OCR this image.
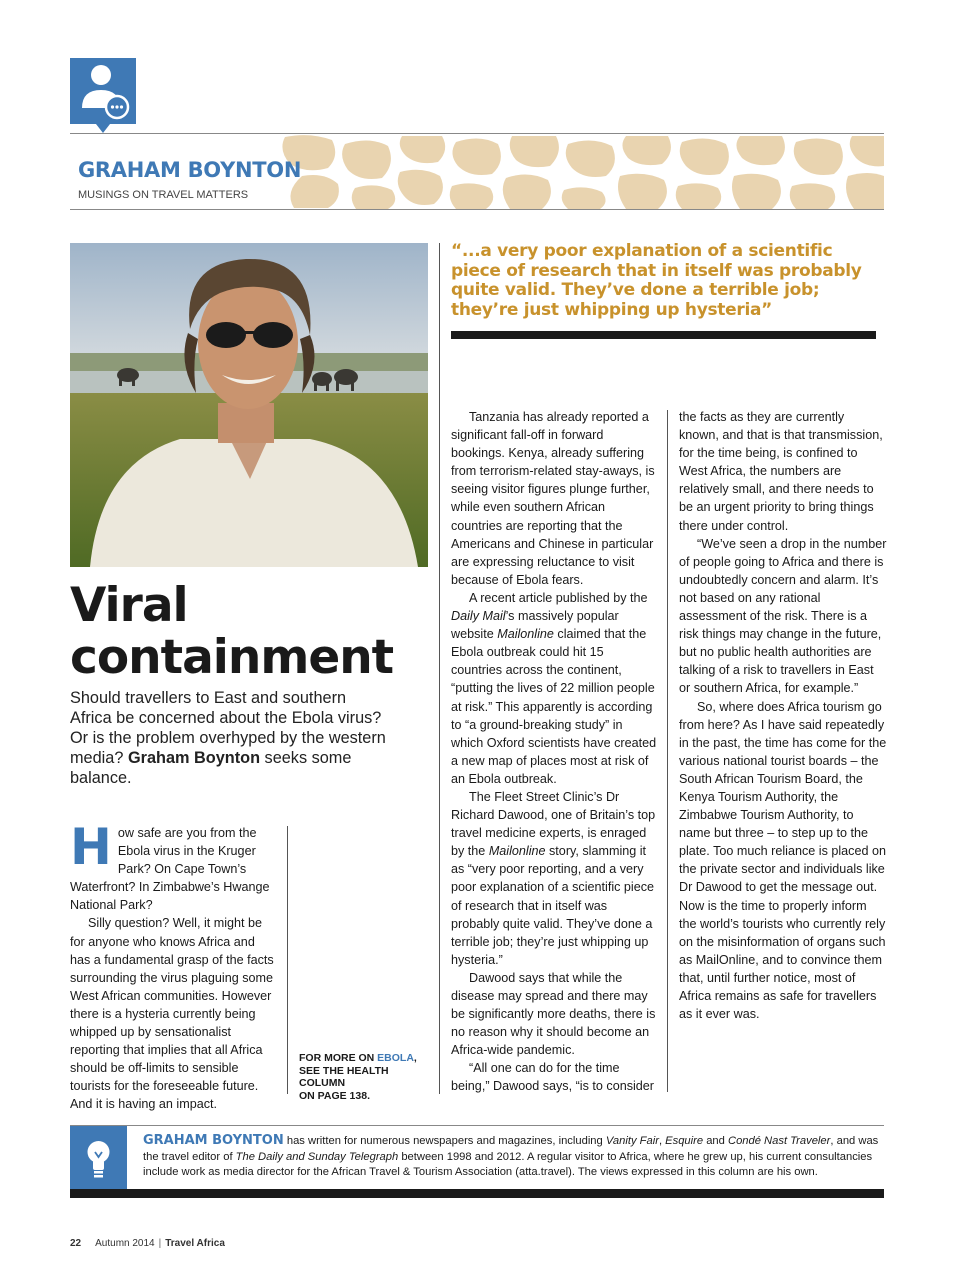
GRAHAM BOYNTON
MUSINGS ON TRAVEL MATTERS
Viral containment
Should travellers to East and southern Africa be concerned about the Ebola virus? Or is the problem overhyped by the western media? Graham Boynton seeks some balance.
“...a very poor explanation of a scientific piece of research that in itself was probably quite valid. They’ve done a terrible job; they’re just whipping up hysteria”
H ow safe are you from the Ebola virus in the Kruger Park? On Cape Town’s Waterfront? In Zimbabwe’s Hwange National Park?

Silly question? Well, it might be for anyone who knows Africa and has a fundamental grasp of the facts surrounding the virus plaguing some West African communities. However there is a hysteria currently being whipped up by sensationalist reporting that implies that all Africa should be off-limits to sensible tourists for the foreseeable future. And it is having an impact.

FOR MORE ON EBOLA,
SEE THE HEALTH COLUMN
ON PAGE 138.

Tanzania has already reported a significant fall-off in forward bookings. Kenya, already suffering from terrorism-related stay-aways, is seeing visitor figures plunge further, while even southern African countries are reporting that the Americans and Chinese in particular are expressing reluctance to visit because of Ebola fears.

A recent article published by the Daily Mail’s massively popular website Mailonline claimed that the Ebola outbreak could hit 15 countries across the continent, “putting the lives of 22 million people at risk.” This apparently is according to “a ground-breaking study” in which Oxford scientists have created a new map of places most at risk of an Ebola outbreak.

The Fleet Street Clinic’s Dr Richard Dawood, one of Britain’s top travel medicine experts, is enraged by the Mailonline story, slamming it as “very poor reporting, and a very poor explanation of a scientific piece of research that in itself was probably quite valid. They’ve done a terrible job; they’re just whipping up hysteria.”

Dawood says that while the disease may spread and there may be significantly more deaths, there is no reason why it should become an Africa-wide pandemic.

“All one can do for the time being,” Dawood says, “is to consider

the facts as they are currently known, and that is that transmission, for the time being, is confined to West Africa, the numbers are relatively small, and there needs to be an urgent priority to bring things there under control.

“We’ve seen a drop in the number of people going to Africa and there is undoubtedly concern and alarm. It’s not based on any rational assessment of the risk. There is a risk things may change in the future, but no public health authorities are talking of a risk to travellers in East or southern Africa, for example.”

So, where does Africa tourism go from here? As I have said repeatedly in the past, the time has come for the various national tourist boards – the South African Tourism Board, the Kenya Tourism Authority, the Zimbabwe Tourism Authority, to name but three – to step up to the plate. Too much reliance is placed on the private sector and individuals like Dr Dawood to get the message out. Now is the time to properly inform the world’s tourists who currently rely on the misinformation of organs such as MailOnline, and to convince them that, until further notice, most of Africa remains as safe for travellers as it ever was.

GRAHAM BOYNTON has written for numerous newspapers and magazines, including Vanity Fair, Esquire and Condé Nast Traveler, and was the travel editor of The Daily and Sunday Telegraph between 1998 and 2012. A regular visitor to Africa, where he grew up, his current consultancies include work as media director for the African Travel & Tourism Association (atta.travel). The views expressed in this column are his own.
22 Autumn 2014 | Travel Africa
